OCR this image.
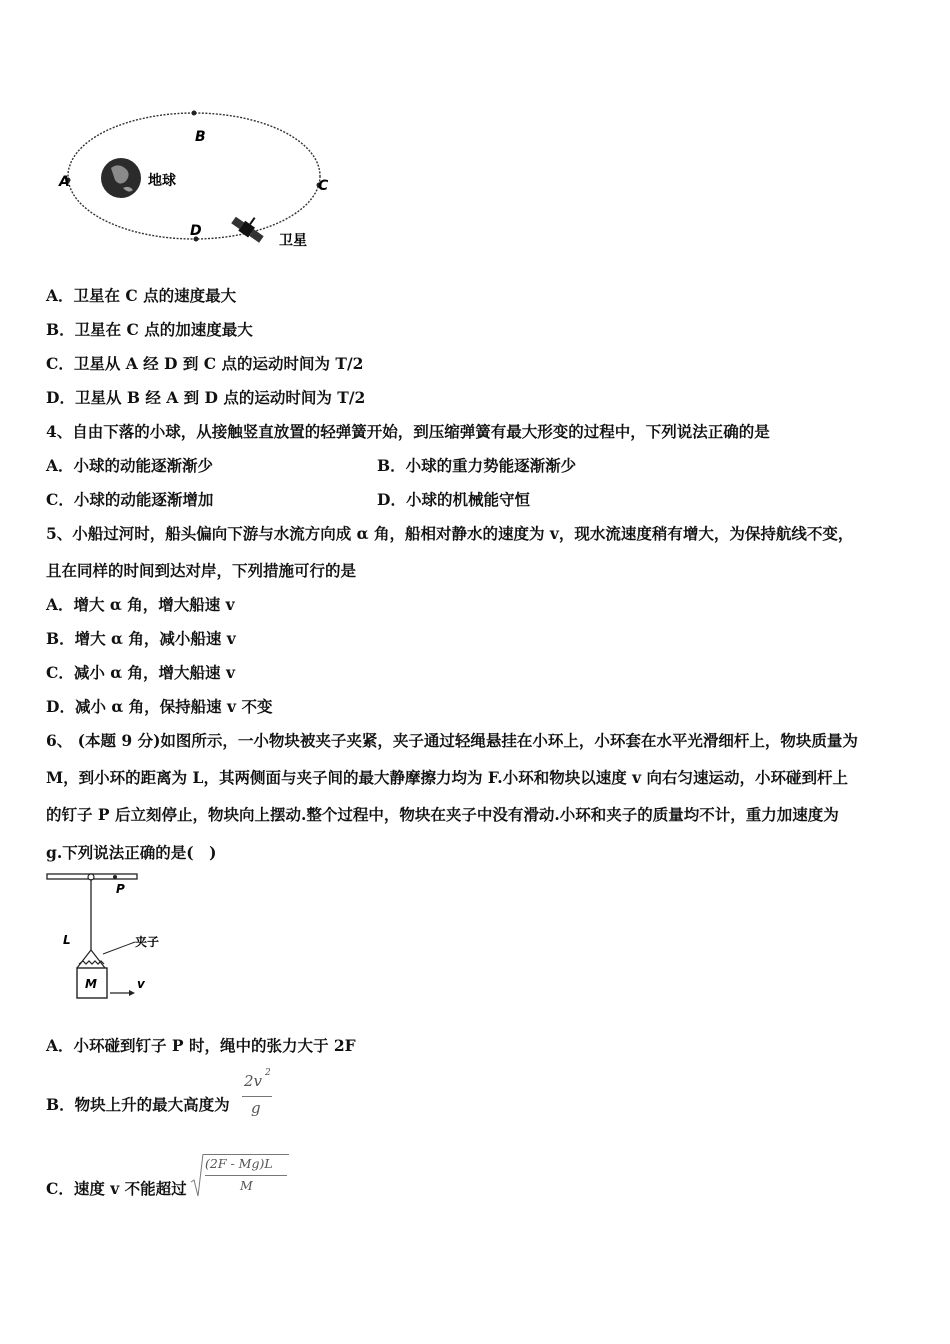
B
A	C
D
地球
卫星
A．卫星在 C 点的速度最大
B．卫星在 C 点的加速度最大
C．卫星从 A 经 D 到 C 点的运动时间为 T/2
D．卫星从 B 经 A 到 D 点的运动时间为 T/2
4、自由下落的小球，从接触竖直放置的轻弹簧开始，到压缩弹簧有最大形变的过程中，下列说法正确的是
A．小球的动能逐渐渐少	B．小球的重力势能逐渐渐少
C．小球的动能逐渐增加	D．小球的机械能守恒
5、小船过河时，船头偏向下游与水流方向成 α 角，船相对静水的速度为 v，现水流速度稍有增大，为保持航线不变，
且在同样的时间到达对岸，下列措施可行的是
A．增大 α 角，增大船速 v
B．增大 α 角，减小船速 v
C．减小 α 角，增大船速 v
D．减小 α 角，保持船速 v 不变
6、 (本题 9 分)如图所示，一小物块被夹子夹紧，夹子通过轻绳悬挂在小环上，小环套在水平光滑细杆上，物块质量为
M，到小环的距离为 L，其两侧面与夹子间的最大静摩擦力均为 F.小环和物块以速度 v 向右匀速运动，小环碰到杆上
的钉子 P 后立刻停止，物块向上摆动.整个过程中，物块在夹子中没有滑动.小环和夹子的质量均不计，重力加速度为
g.下列说法正确的是(　)
P
L	夹子
M	v
A．小环碰到钉子 P 时，绳中的张力大于 2F
B．物块上升的最大高度为
2v 2
g
C．速度 v 不能超过
(2F - Mg)L
M
